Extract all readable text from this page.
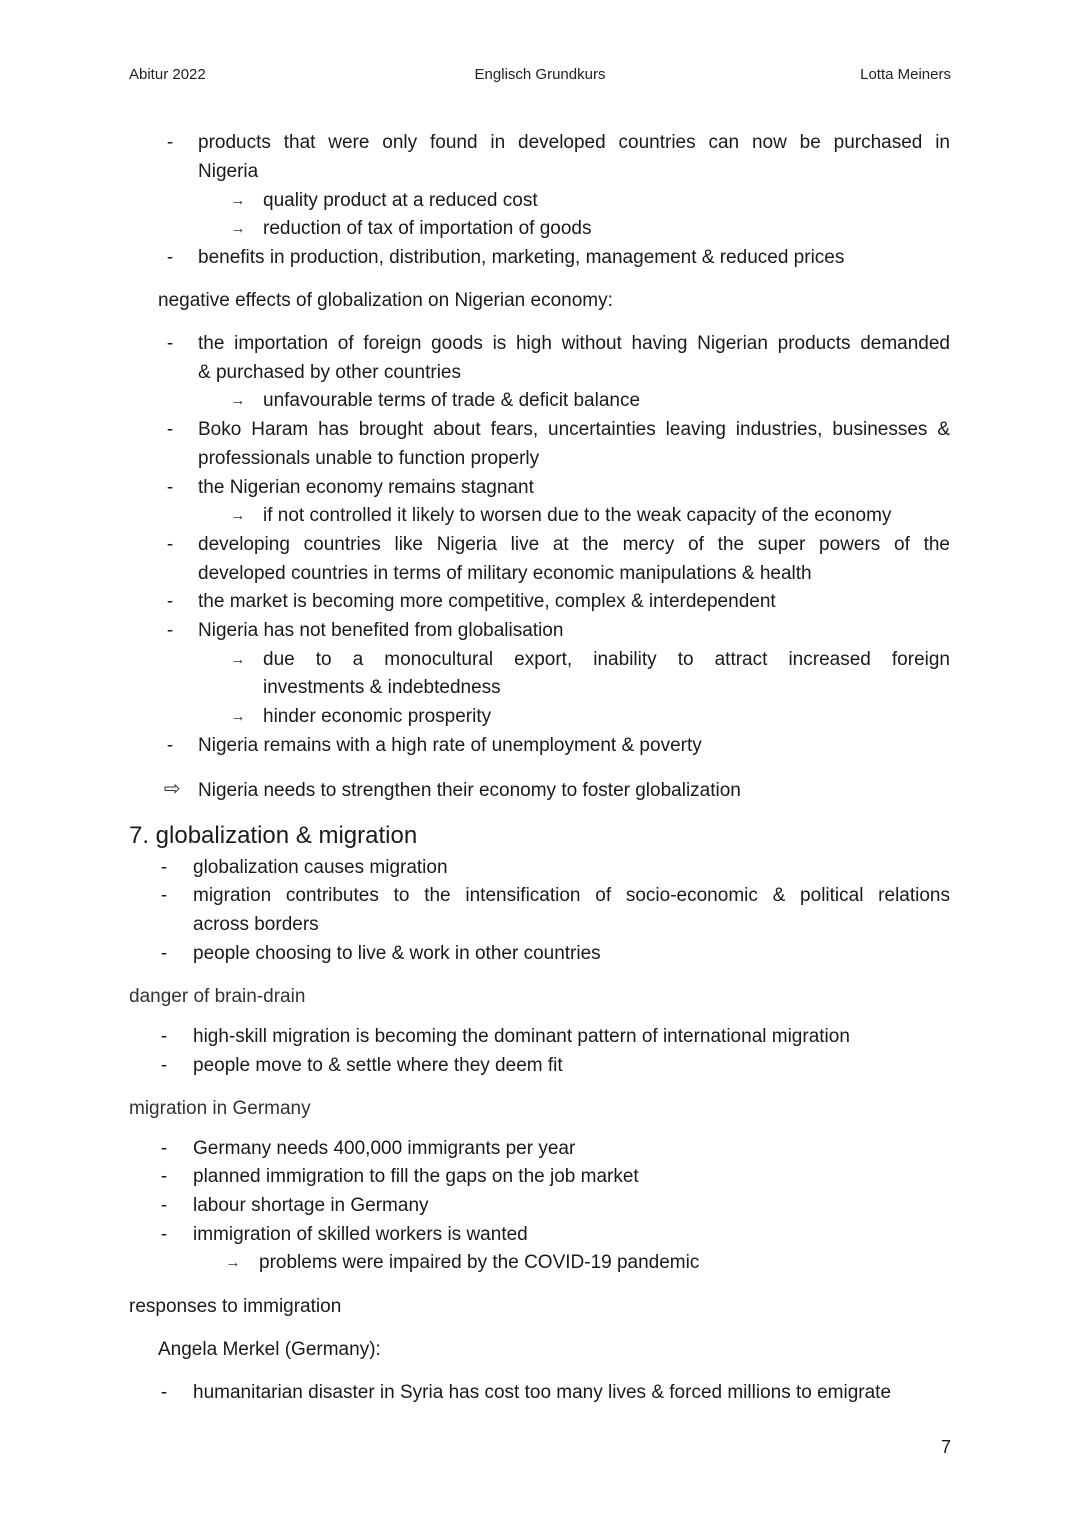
Abitur 2022	Englisch Grundkurs	Lotta Meiners
- products that were only found in developed countries can now be purchased in
Nigeria
→ quality product at a reduced cost
→ reduction of tax of importation of goods
- benefits in production, distribution, marketing, management & reduced prices
negative effects of globalization on Nigerian economy:
- the importation of foreign goods is high without having Nigerian products demanded
& purchased by other countries
→ unfavourable terms of trade & deficit balance
- Boko Haram has brought about fears, uncertainties leaving industries, businesses &
professionals unable to function properly
- the Nigerian economy remains stagnant
→ if not controlled it likely to worsen due to the weak capacity of the economy
- developing countries like Nigeria live at the mercy of the super powers of the
developed countries in terms of military economic manipulations & health
- the market is becoming more competitive, complex & interdependent
- Nigeria has not benefited from globalisation
→ due to a monocultural export, inability to attract increased foreign
investments & indebtedness
→ hinder economic prosperity
- Nigeria remains with a high rate of unemployment & poverty
⇨ Nigeria needs to strengthen their economy to foster globalization
7. globalization & migration
- globalization causes migration
- migration contributes to the intensification of socio-economic & political relations
across borders
- people choosing to live & work in other countries
danger of brain-drain
- high-skill migration is becoming the dominant pattern of international migration
- people move to & settle where they deem fit
migration in Germany
- Germany needs 400,000 immigrants per year
- planned immigration to fill the gaps on the job market
- labour shortage in Germany
- immigration of skilled workers is wanted
→ problems were impaired by the COVID-19 pandemic
responses to immigration
Angela Merkel (Germany):
- humanitarian disaster in Syria has cost too many lives & forced millions to emigrate
7
